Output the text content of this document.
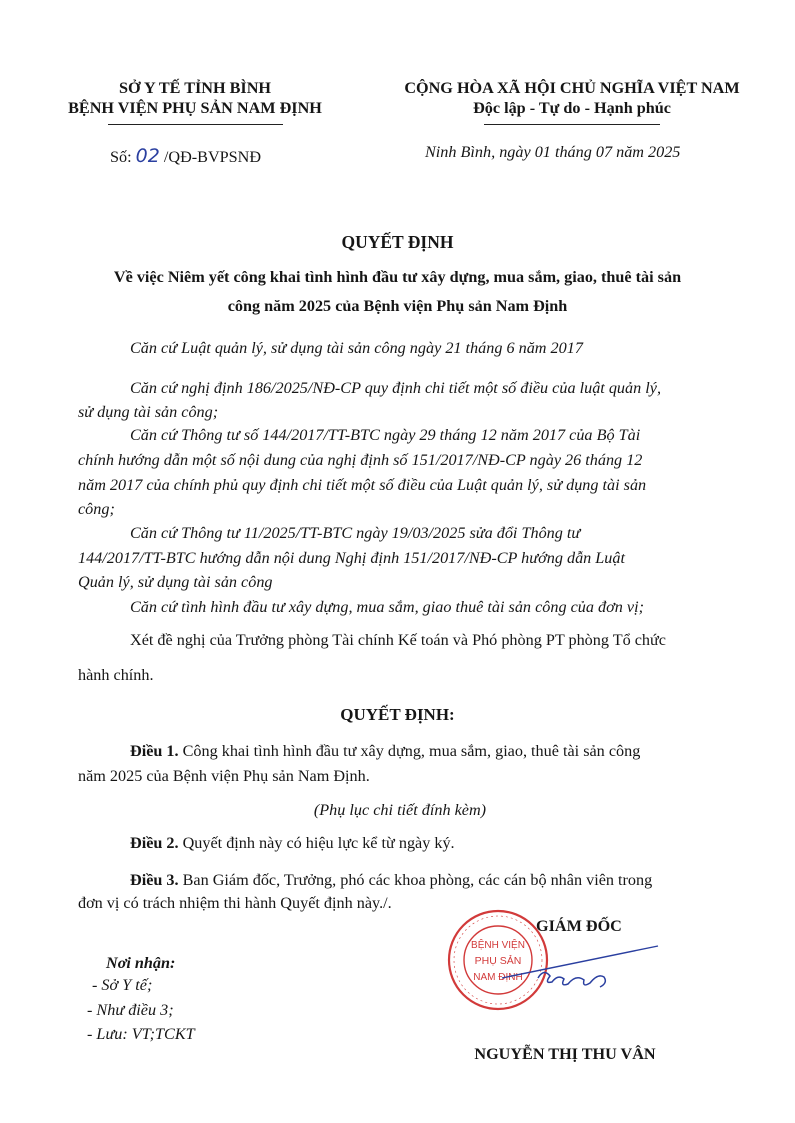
SỞ Y TẾ TỈNH BÌNH
BỆNH VIỆN PHỤ SẢN NAM ĐỊNH
CỘNG HÒA XÃ HỘI CHỦ NGHĨA VIỆT NAM
Độc lập - Tự do - Hạnh phúc
Số: 02 /QĐ-BVPSNĐ	Ninh Bình, ngày 01 tháng 07 năm 2025
QUYẾT ĐỊNH
Về việc Niêm yết công khai tình hình đầu tư xây dựng, mua sắm, giao, thuê tài sản
công năm 2025 của Bệnh viện Phụ sản Nam Định
Căn cứ Luật quản lý, sử dụng tài sản công ngày 21 tháng 6 năm 2017
Căn cứ nghị định 186/2025/NĐ-CP quy định chi tiết một số điều của luật quản lý,
sử dụng tài sản công;
Căn cứ Thông tư số 144/2017/TT-BTC ngày 29 tháng 12 năm 2017 của Bộ Tài
chính hướng dẫn một số nội dung của nghị định số 151/2017/NĐ-CP ngày 26 tháng 12
năm 2017 của chính phủ quy định chi tiết một số điều của Luật quản lý, sử dụng tài sản
công;
Căn cứ Thông tư 11/2025/TT-BTC ngày 19/03/2025 sửa đổi Thông tư
144/2017/TT-BTC hướng dẫn nội dung Nghị định 151/2017/NĐ-CP hướng dẫn Luật
Quản lý, sử dụng tài sản công
Căn cứ tình hình đầu tư xây dựng, mua sắm, giao thuê tài sản công của đơn vị;
Xét đề nghị của Trưởng phòng Tài chính Kế toán và Phó phòng PT phòng Tổ chức
hành chính.
QUYẾT ĐỊNH:
Điều 1. Công khai tình hình đầu tư xây dựng, mua sắm, giao, thuê tài sản công
năm 2025 của Bệnh viện Phụ sản Nam Định.
(Phụ lục chi tiết đính kèm)
Điều 2. Quyết định này có hiệu lực kể từ ngày ký.
Điều 3. Ban Giám đốc, Trưởng, phó các khoa phòng, các cán bộ nhân viên trong
đơn vị có trách nhiệm thi hành Quyết định này./.
Nơi nhận:
- Sở Y tế;
- Như điều 3;
- Lưu: VT;TCKT
BỆNH VIỆN
PHỤ SẢN
NAM ĐỊNH
GIÁM ĐỐC
NGUYỄN THỊ THU VÂN
